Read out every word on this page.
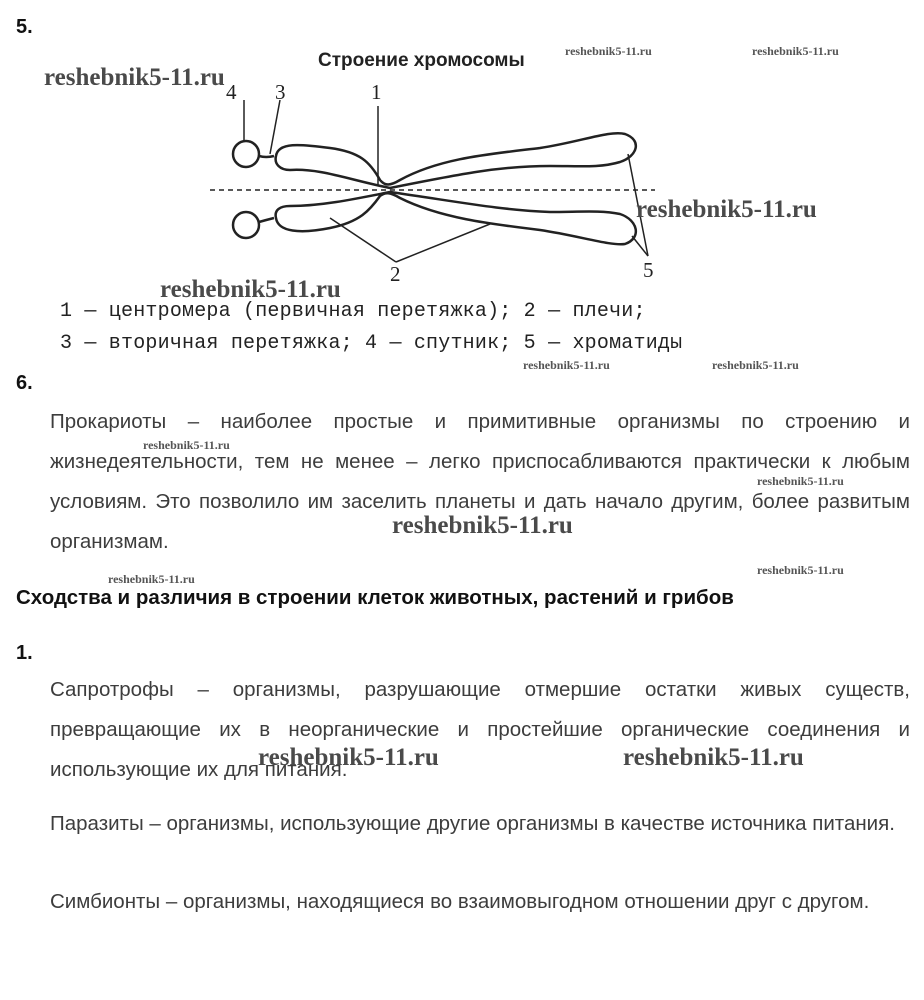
5.
Строение хромосомы
1
2
3
4
5
1 — центромера (первичная перетяжка); 2 — плечи;
3 — вторичная перетяжка; 4 — спутник; 5 — хроматиды
6.
Прокариоты – наиболее простые и примитивные организмы по строению и жизнедеятельности, тем не менее – легко приспосабливаются практически к любым условиям. Это позволило им заселить планеты и дать начало другим, более развитым организмам.
Сходства и различия в строении клеток животных, растений и грибов
1.
Сапротрофы – организмы, разрушающие отмершие остатки живых существ, превращающие их в неорганические и простейшие органические соединения и использующие их для питания.
Паразиты – организмы, использующие другие организмы в качестве источника питания.
Симбионты – организмы, находящиеся во взаимовыгодном отношении друг с другом.
reshebnik5-11.ru
reshebnik5-11.ru	reshebnik5-11.ru
reshebnik5-11.ru
reshebnik5-11.ru
reshebnik5-11.ru	reshebnik5-11.ru
reshebnik5-11.ru
reshebnik5-11.ru
reshebnik5-11.ru
reshebnik5-11.ru
reshebnik5-11.ru
reshebnik5-11.ru	reshebnik5-11.ru
